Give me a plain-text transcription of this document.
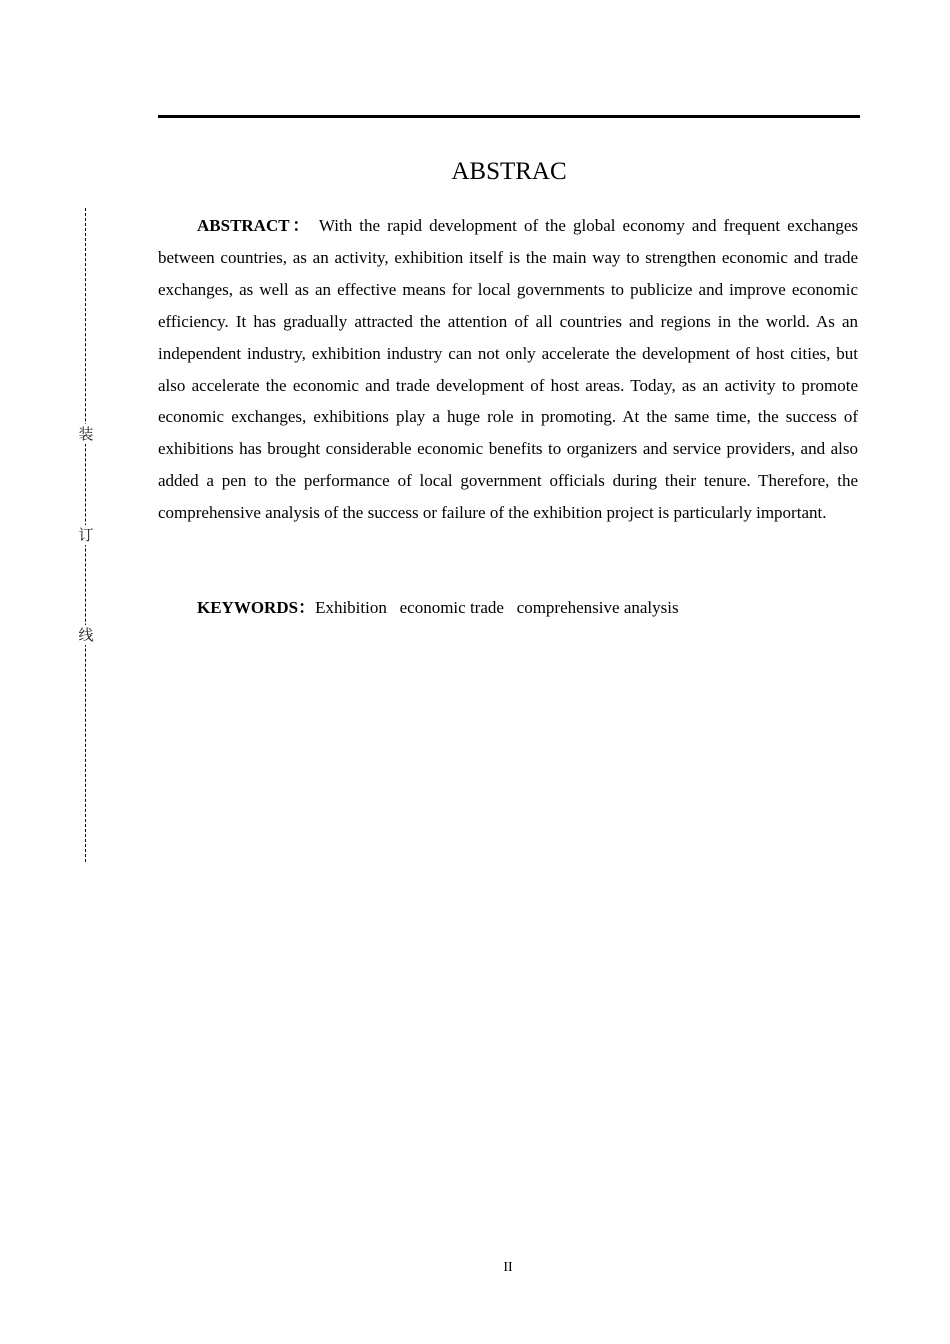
装
订
线
ABSTRAC

ABSTRACT： With the rapid development of the global economy and frequent exchanges between countries, as an activity, exhibition itself is the main way to strengthen economic and trade exchanges, as well as an effective means for local governments to publicize and improve economic efficiency. It has gradually attracted the attention of all countries and regions in the world. As an independent industry, exhibition industry can not only accelerate the development of host cities, but also accelerate the economic and trade development of host areas. Today, as an activity to promote economic exchanges, exhibitions play a huge role in promoting. At the same time, the success of exhibitions has brought considerable economic benefits to organizers and service providers, and also added a pen to the performance of local government officials during their tenure. Therefore, the comprehensive analysis of the success or failure of the exhibition project is particularly important.

KEYWORDS：Exhibition   economic trade   comprehensive analysis

II
